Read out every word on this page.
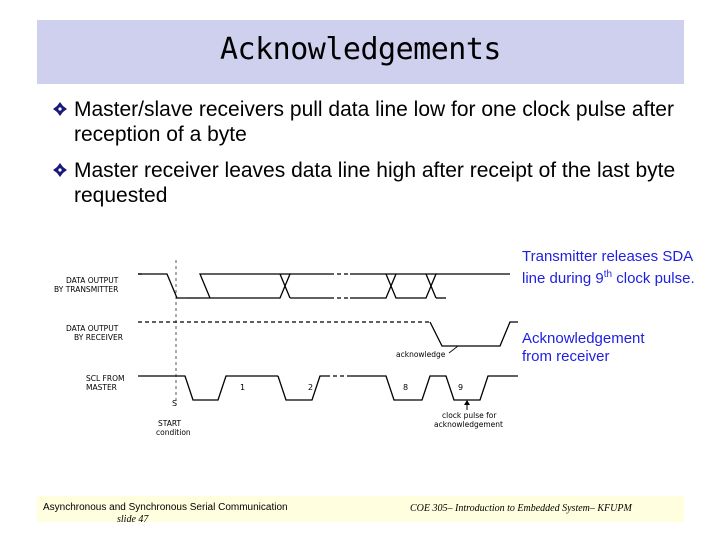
Acknowledgements
Master/slave receivers pull data line low for one clock pulse after reception of a byte
Master receiver leaves data line high after receipt of the last byte requested
DATA OUTPUT
BY TRANSMITTER
DATA OUTPUT
BY RECEIVER
SCL FROM
MASTER
acknowledge
1	2	8	9
S
START
condition
clock pulse for
acknowledgement
Transmitter releases SDA line during 9th clock pulse.
Acknowledgement
from receiver
Asynchronous and Synchronous Serial Communication
slide 47
COE 305– Introduction to Embedded System– KFUPM
